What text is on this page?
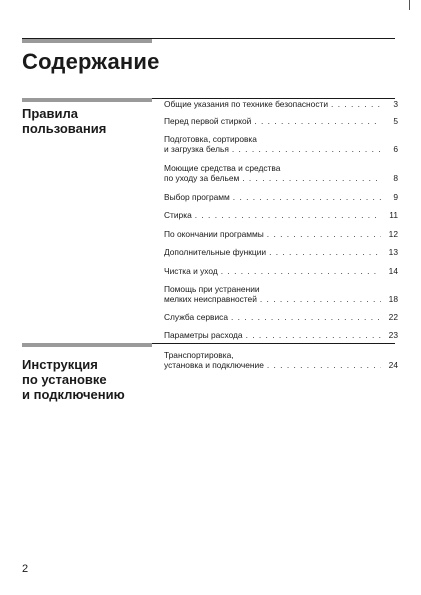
Содержание
Правила
пользования
Общие указания по технике безопасности . . .	3
Перед первой стиркой . . .	5
Подготовка, сортировка
и загрузка белья . . .	6
Моющие средства и средства
по уходу за бельем . . .	8
Выбор программ . . .	9
Стирка . . .	11
По окончании программы . . .	12
Дополнительные функции . . .	13
Чистка и уход . . .	14
Помощь при устранении
мелких неисправностей . . .	18
Служба сервиса . . .	22
Параметры расхода . . .	23
Инструкция
по установке
и подключению
Транспортировка,
установка и подключение . . .	24
2
